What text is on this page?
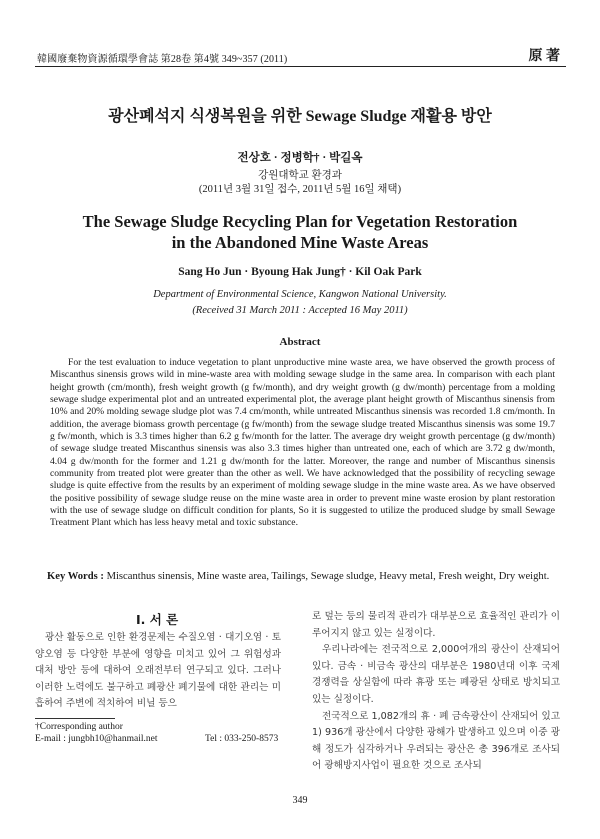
韓國廢棄物資源循環學會誌 第28卷 第4號 349~357 (2011)	原 著
광산폐석지 식생복원을 위한 Sewage Sludge 재활용 방안
전상호 · 정병학† · 박길옥
강원대학교 환경과
(2011년 3월 31일 접수, 2011년 5월 16일 채택)
The Sewage Sludge Recycling Plan for Vegetation Restoration
in the Abandoned Mine Waste Areas
Sang Ho Jun · Byoung Hak Jung† · Kil Oak Park
Department of Environmental Science, Kangwon National University.
(Received 31 March 2011 : Accepted 16 May 2011)
Abstract

For the test evaluation to induce vegetation to plant unproductive mine waste area, we have observed the growth process of Miscanthus sinensis grows wild in mine-waste area with molding sewage sludge in the same area. In comparison with each plant height growth (cm/month), fresh weight growth (g fw/month), and dry weight growth (g dw/month) percentage from a molding sewage sludge experimental plot and an untreated experimental plot, the average plant height growth of Miscanthus sinensis from 10% and 20% molding sewage sludge plot was 7.4 cm/month, while untreated Miscanthus sinensis was recorded 1.8 cm/month. In addition, the average biomass growth percentage (g fw/month) from the sewage sludge treated Miscanthus sinensis was some 19.7 g fw/month, which is 3.3 times higher than 6.2 g fw/month for the latter. The average dry weight growth percentage (g dw/month) of sewage sludge treated Miscanthus sinensis was also 3.3 times higher than untreated one, each of which are 3.72 g dw/month, 4.04 g dw/month for the former and 1.21 g dw/month for the latter. Moreover, the range and number of Miscanthus sinensis community from treated plot were greater than the other as well. We have acknowledged that the possibility of recycling sewage sludge is quite effective from the results by an experiment of molding sewage sludge in the mine waste area. As we have observed the positive possibility of sewage sludge reuse on the mine waste area in order to prevent mine waste erosion by plant restoration with the use of sewage sludge on difficult condition for plants, So it is suggested to utilize the produced sludge by small Sewage Treatment Plant which has less heavy metal and toxic substance.

Key Words : Miscanthus sinensis, Mine waste area, Tailings, Sewage sludge, Heavy metal, Fresh weight, Dry weight.
I. 서 론

광산 활동으로 인한 환경문제는 수질오염 · 대기오염 · 토양오염 등 다양한 부분에 영향을 미치고 있어 그 위험성과 대처 방안 등에 대하여 오래전부터 연구되고 있다. 그러나 이러한 노력에도 불구하고 폐광산 폐기물에 대한 관리는 미흡하여 주변에 적치하여 비닐 등으

로 덮는 등의 물리적 관리가 대부분으로 효율적인 관리가 이루어지지 않고 있는 실정이다.

우리나라에는 전국적으로 2,000여개의 광산이 산재되어 있다. 금속 · 비금속 광산의 대부분은 1980년대 이후 국제 경쟁력을 상실함에 따라 휴광 또는 폐광된 상태로 방치되고 있는 실정이다.

전국적으로 1,082개의 휴 · 폐 금속광산이 산재되어 있고1) 936개 광산에서 다양한 광해가 발생하고 있으며 이중 광해 정도가 심각하거나 우려되는 광산은 총 396개로 조사되어 광해방지사업이 필요한 것으로 조사되

†Corresponding author
E-mail : jungbh10@hanmail.net	Tel : 033-250-8573
349
